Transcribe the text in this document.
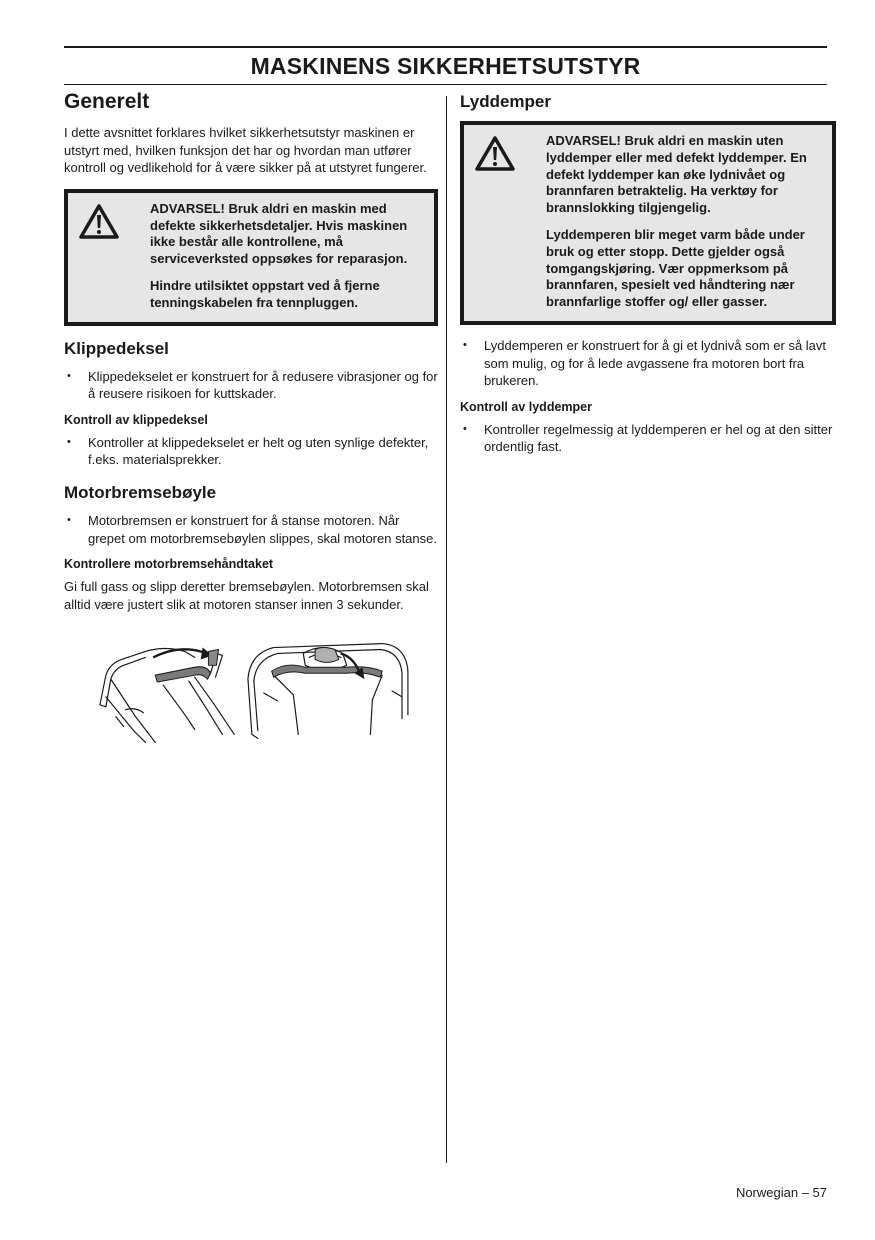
MASKINENS SIKKERHETSUTSTYR
Generelt

I dette avsnittet forklares hvilket sikkerhetsutstyr maskinen er utstyrt med, hvilken funksjon det har og hvordan man utfører kontroll og vedlikehold for å være sikker på at utstyret fungerer.

ADVARSEL! Bruk aldri en maskin med defekte sikkerhetsdetaljer. Hvis maskinen ikke består alle kontrollene, må serviceverksted oppsøkes for reparasjon.

Hindre utilsiktet oppstart ved å fjerne tenningskabelen fra tennpluggen.

Klippedeksel
• Klippedekselet er konstruert for å redusere vibrasjoner og for å reusere risikoen for kuttskader.
Kontroll av klippedeksel
• Kontroller at klippedekselet er helt og uten synlige defekter, f.eks. materialsprekker.
Motorbremsebøyle
• Motorbremsen er konstruert for å stanse motoren. Når grepet om motorbremsebøylen slippes, skal motoren stanse.
Kontrollere motorbremsehåndtaket

Gi full gass og slipp deretter bremsebøylen. Motorbremsen skal alltid være justert slik at motoren stanser innen 3 sekunder.

Lyddemper

ADVARSEL! Bruk aldri en maskin uten lyddemper eller med defekt lyddemper. En defekt lyddemper kan øke lydnivået og brannfaren betraktelig. Ha verktøy for brannslokking tilgjengelig.

Lyddemperen blir meget varm både under bruk og etter stopp. Dette gjelder også tomgangskjøring. Vær oppmerksom på brannfaren, spesielt ved håndtering nær brannfarlige stoffer og/ eller gasser.

• Lyddemperen er konstruert for å gi et lydnivå som er så lavt som mulig, og for å lede avgassene fra motoren bort fra brukeren.
Kontroll av lyddemper
• Kontroller regelmessig at lyddemperen er hel og at den sitter ordentlig fast.
Norwegian – 57
